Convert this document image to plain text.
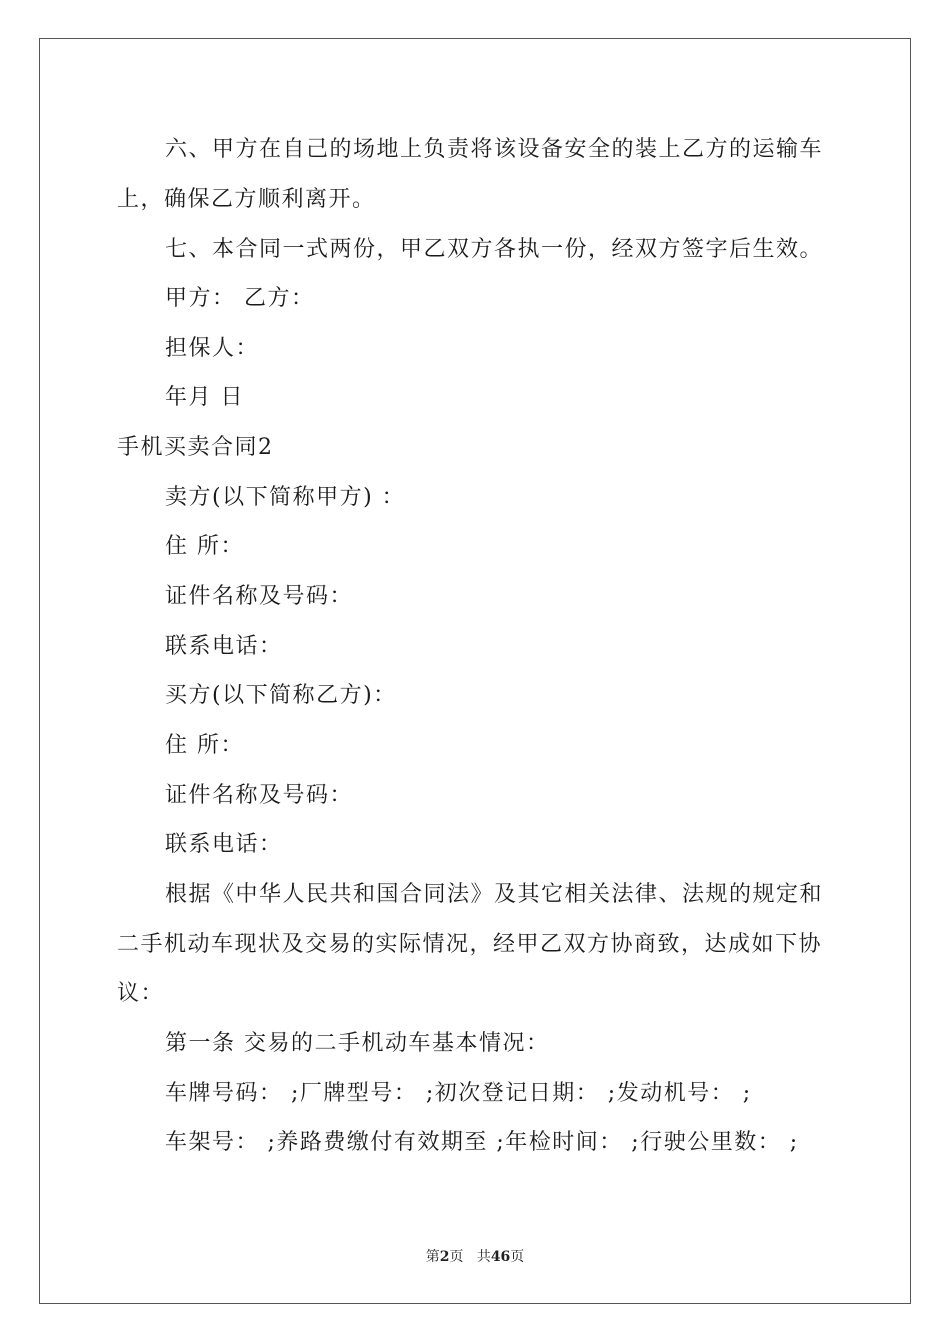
六、甲方在自己的场地上负责将该设备安全的装上乙方的运输车
上，确保乙方顺利离开。
七、本合同一式两份，甲乙双方各执一份，经双方签字后生效。
甲方： 乙方：
担保人：
年月 日
手机买卖合同2
卖方(以下简称甲方) ：
住 所：
证件名称及号码：
联系电话：
买方(以下简称乙方)：
住 所：
证件名称及号码：
联系电话：
根据《中华人民共和国合同法》及其它相关法律、法规的规定和
二手机动车现状及交易的实际情况，经甲乙双方协商致，达成如下协
议：
第一条 交易的二手机动车基本情况：
车牌号码： ;厂牌型号： ;初次登记日期： ;发动机号： ;
车架号： ;养路费缴付有效期至 ;年检时间： ;行驶公里数： ;
第2页 共46页
